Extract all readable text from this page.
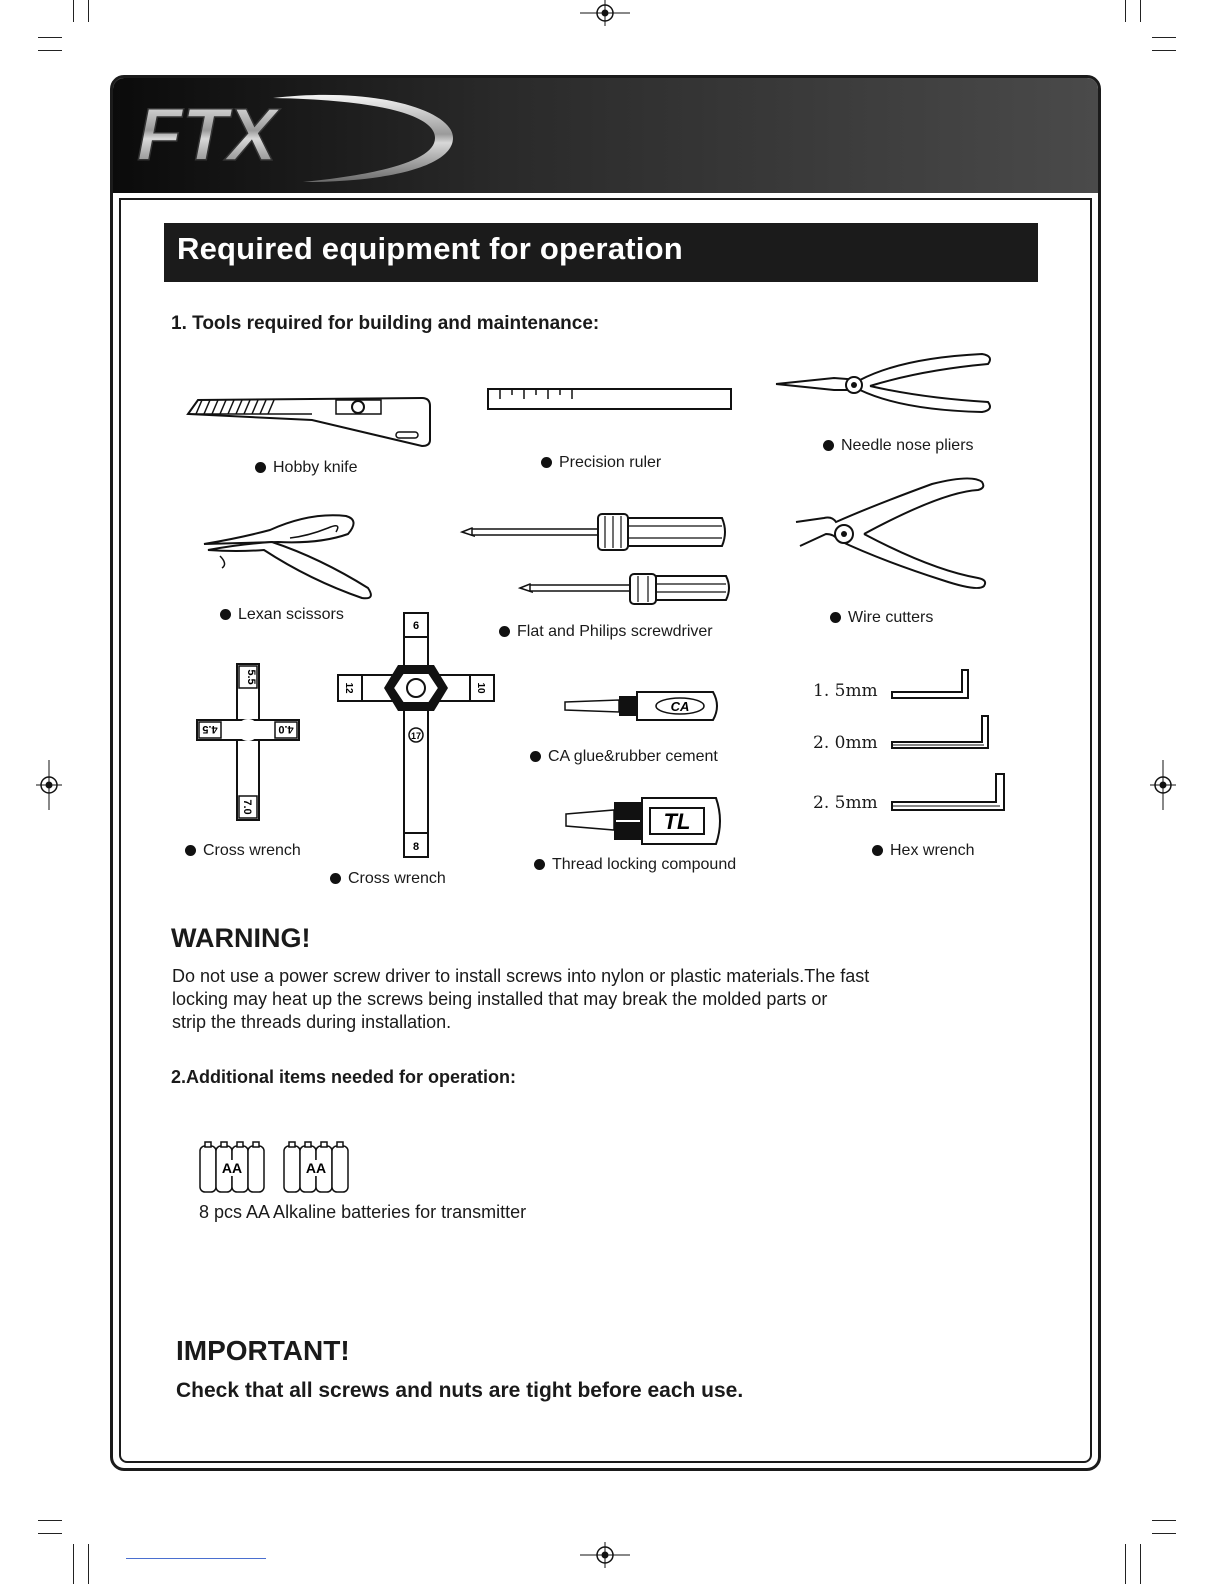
FTX
Required equipment for operation
1. Tools required for building and maintenance:
Hobby knife	Precision ruler
Needle nose pliers
Lexan scissors
Flat and Philips screwdriver
Wire cutters
5.5
4.5	4.0
7.0
Cross wrench
6
12	10
17
8
Cross wrench
CA
CA glue&rubber cement
TL
Thread locking compound
1. 5mm
2. 0mm
2. 5mm
Hex wrench
WARNING!
Do not use a power screw driver to install screws into nylon or plastic materials.The fast
locking may heat up the screws being installed that may break the molded parts or
strip the threads during installation.
2.Additional items needed for operation:
AA	AA
8 pcs AA Alkaline batteries for transmitter
IMPORTANT!
Check that all screws and nuts are tight before each use.
